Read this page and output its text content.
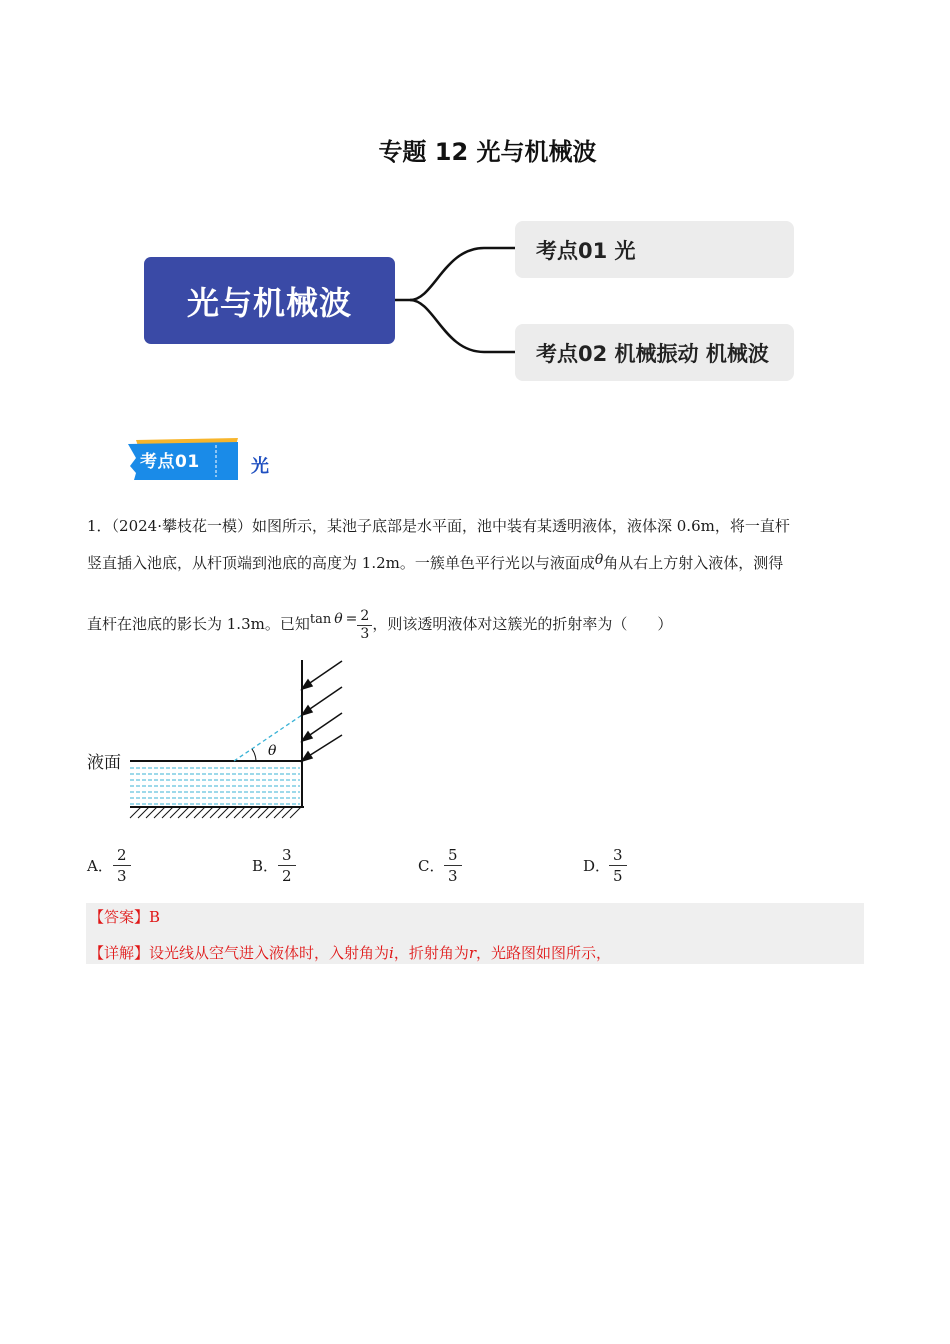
专题 12 光与机械波
光与机械波
考点01 光
考点02 机械振动 机械波
考点01	光
1．（2024·攀枝花一模）如图所示，某池子底部是水平面，池中装有某透明液体，液体深 0.6m，将一直杆
竖直插入池底，从杆顶端到池底的高度为 1.2m。一簇单色平行光以与液面成θ角从右上方射入液体，测得
直杆在池底的影长为 1.3m。已知$\tan \theta = \frac{2}{3}$ ，则该透明液体对这簇光的折射率为（　　）
θ
液面
A． $\frac{2}{3}$	B． $\frac{3}{2}$	C． $\frac{5}{3}$	D．
$\frac{3}{5}$
【答案】B
【详解】设光线从空气进入液体时，入射角为i，折射角为r，光路图如图所示，
